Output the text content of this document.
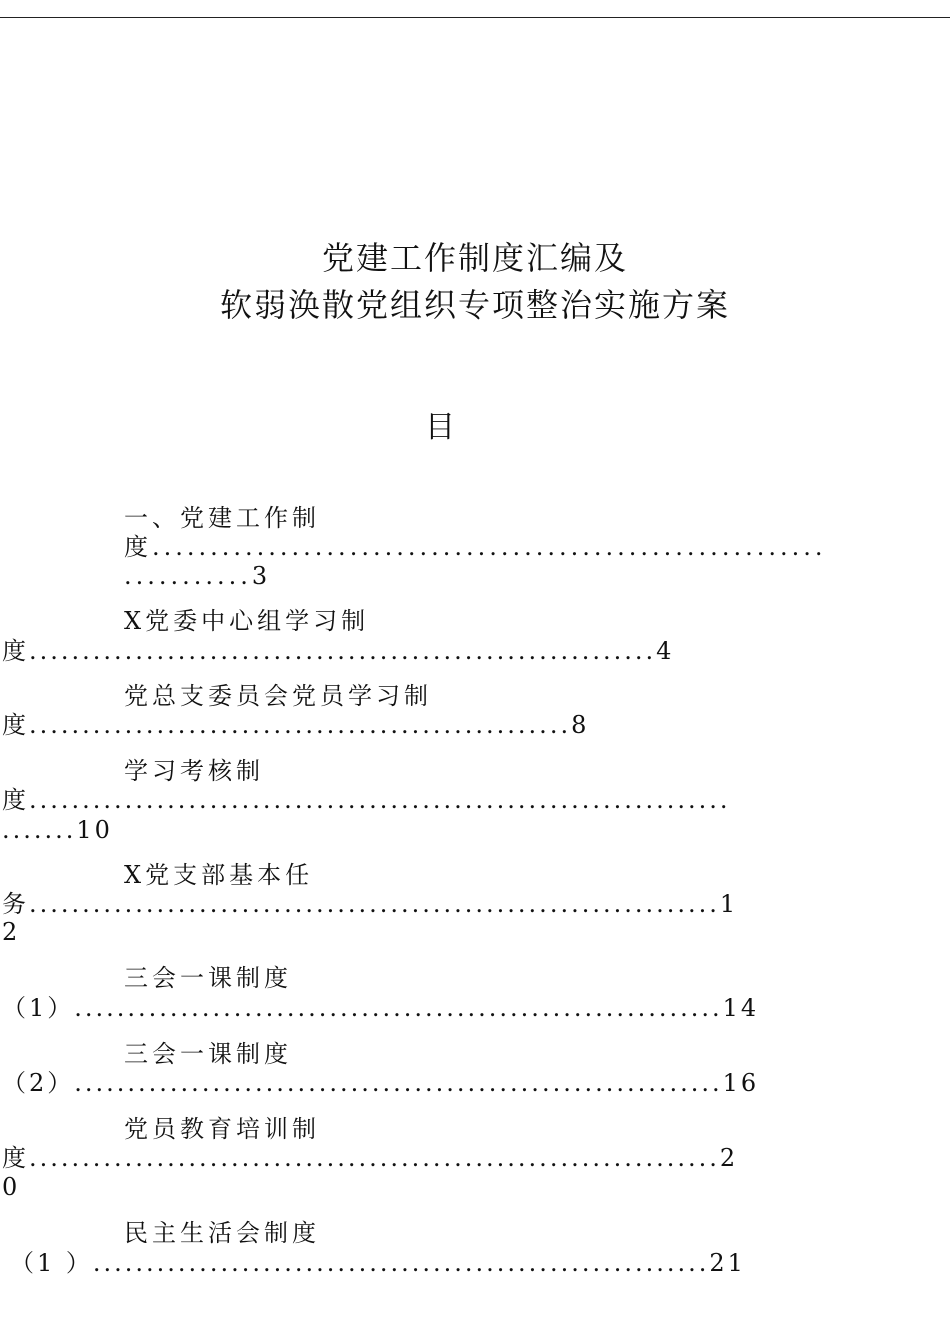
党建工作制度汇编及
软弱涣散党组织专项整治实施方案
目
一、党建工作制
度..........................................................
...........3
X党委中心组学习制
度...........................................................4
党总支委员会党员学习制
度...................................................8
学习考核制
度..................................................................
.......10
X党支部基本任
务.................................................................1
2
三会一课制度
（1）.............................................................14
三会一课制度
（2）.............................................................16
党员教育培训制
度.................................................................2
0
民主生活会制度
（1 ）..........................................................21
